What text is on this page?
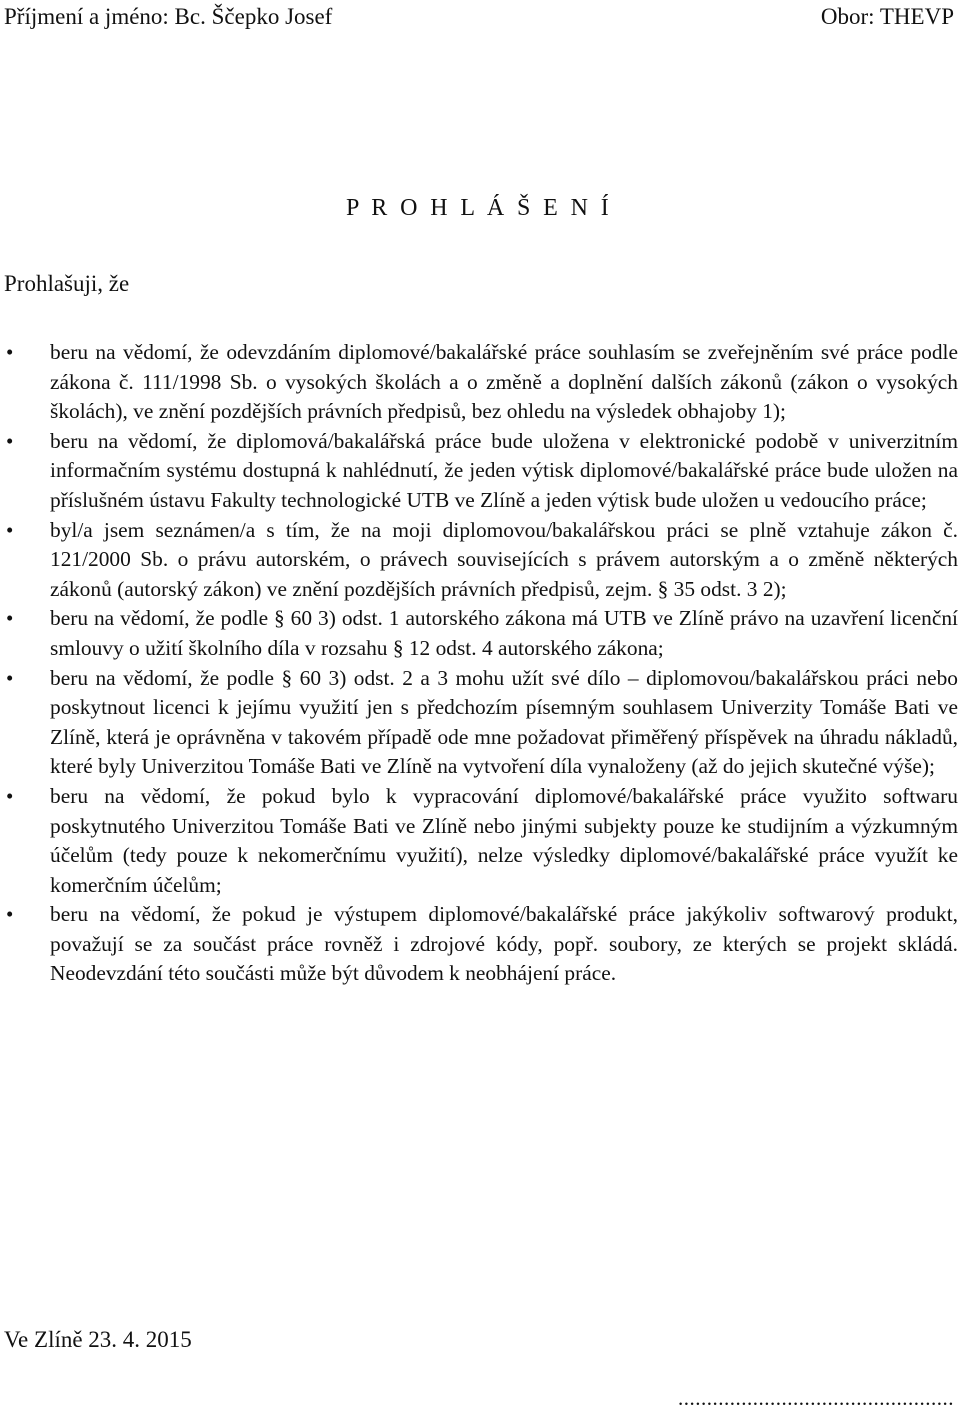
Příjmení a jméno: Bc. Ščepko Josef	Obor: THEVP
P R O H L Á Š E N Í
Prohlašuji, že
• beru na vědomí, že odevzdáním diplomové/bakalářské práce souhlasím se zveřejněním své práce podle zákona č. 111/1998 Sb. o vysokých školách a o změně a doplnění dalších zákonů (zákon o vysokých školách), ve znění pozdějších právních předpisů, bez ohledu na výsledek obhajoby 1);
• beru na vědomí, že diplomová/bakalářská práce bude uložena v elektronické podobě v univerzitním informačním systému dostupná k nahlédnutí, že jeden výtisk diplomové/bakalářské práce bude uložen na příslušném ústavu Fakulty technologické UTB ve Zlíně a jeden výtisk bude uložen u vedoucího práce;
• byl/a jsem seznámen/a s tím, že na moji diplomovou/bakalářskou práci se plně vztahuje zákon č. 121/2000 Sb. o právu autorském, o právech souvisejících s právem autorským a o změně některých zákonů (autorský zákon) ve znění pozdějších právních předpisů, zejm. § 35 odst. 3 2);
• beru na vědomí, že podle § 60 3) odst. 1 autorského zákona má UTB ve Zlíně právo na uzavření licenční smlouvy o užití školního díla v rozsahu § 12 odst. 4 autorského zákona;
• beru na vědomí, že podle § 60 3) odst. 2 a 3 mohu užít své dílo – diplomovou/bakalářskou práci nebo poskytnout licenci k jejímu využití jen s předchozím písemným souhlasem Univerzity Tomáše Bati ve Zlíně, která je oprávněna v takovém případě ode mne požadovat přiměřený příspěvek na úhradu nákladů, které byly Univerzitou Tomáše Bati ve Zlíně na vytvoření díla vynaloženy (až do jejich skutečné výše);
• beru na vědomí, že pokud bylo k vypracování diplomové/bakalářské práce využito softwaru poskytnutého Univerzitou Tomáše Bati ve Zlíně nebo jinými subjekty pouze ke studijním a výzkumným účelům (tedy pouze k nekomerčnímu využití), nelze výsledky diplomové/bakalářské práce využít ke komerčním účelům;
• beru na vědomí, že pokud je výstupem diplomové/bakalářské práce jakýkoliv softwarový produkt, považují se za součást práce rovněž i zdrojové kódy, popř. soubory, ze kterých se projekt skládá. Neodevzdání této součásti může být důvodem k neobhájení práce.
Ve Zlíně 23. 4. 2015
................................................
